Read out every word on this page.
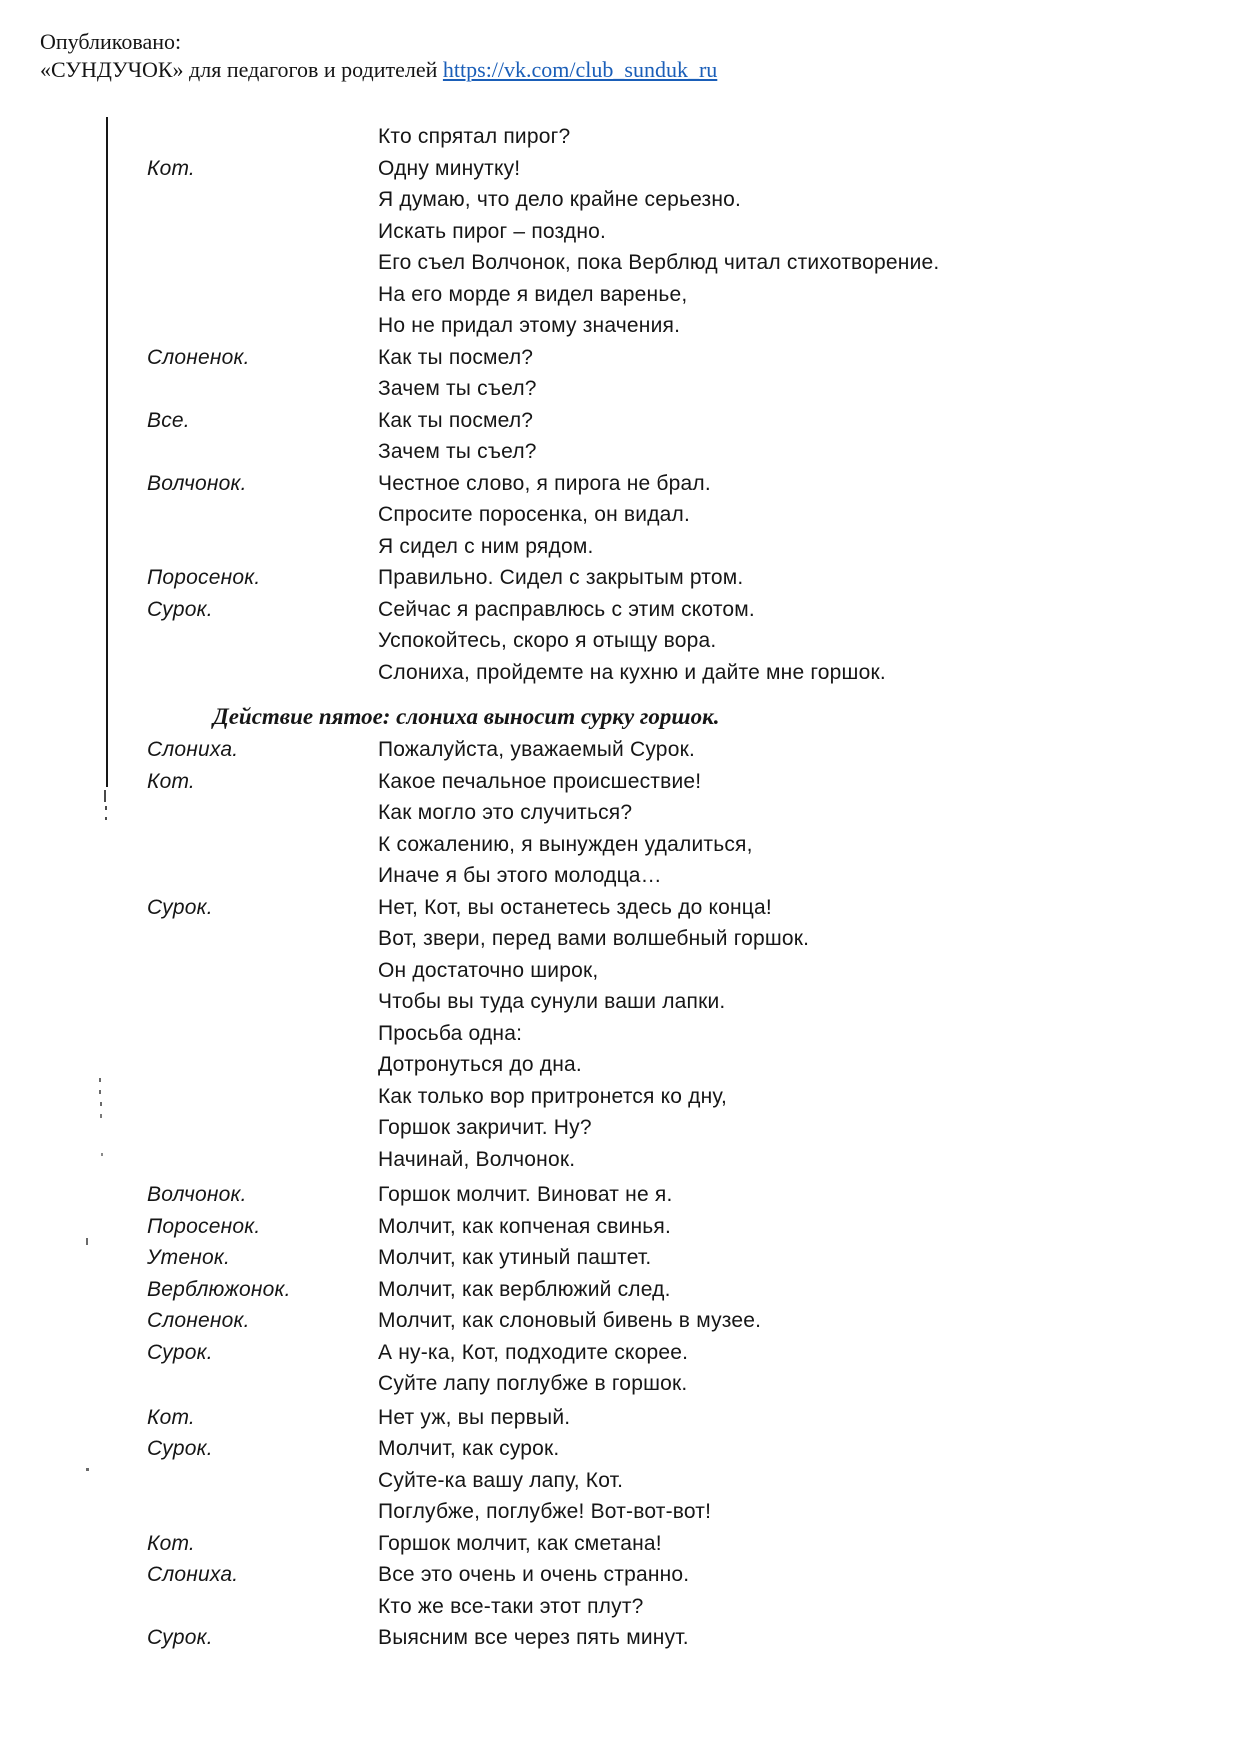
Опубликовано:
«СУНДУЧОК» для педагогов и родителей https://vk.com/club_sunduk_ru
Кто спрятал пирог?
Кот.	Одну минутку!
Я думаю, что дело крайне серьезно.
Искать пирог – поздно.
Его съел Волчонок, пока Верблюд читал стихотворение.
На его морде я видел варенье,
Но не придал этому значения.
Слоненок.	Как ты посмел?
Зачем ты съел?
Все.	Как ты посмел?
Зачем ты съел?
Волчонок.	Честное слово, я пирога не брал.
Спросите поросенка, он видал.
Я сидел с ним рядом.
Поросенок.	Правильно. Сидел с закрытым ртом.
Сурок.	Сейчас я расправлюсь с этим скотом.
Успокойтесь, скоро я отыщу вора.
Слониха, пройдемте на кухню и дайте мне горшок.
Действие пятое: слониха выносит сурку горшок.
Слониха.	Пожалуйста, уважаемый Сурок.
Кот.	Какое печальное происшествие!
Как могло это случиться?
К сожалению, я вынужден удалиться,
Иначе я бы этого молодца…
Сурок.	Нет, Кот, вы останетесь здесь до конца!
Вот, звери, перед вами волшебный горшок.
Он достаточно широк,
Чтобы вы туда сунули ваши лапки.
Просьба одна:
Дотронуться до дна.
Как только вор притронется ко дну,
Горшок закричит. Ну?
Начинай, Волчонок.
Волчонок.	Горшок молчит. Виноват не я.
Поросенок.	Молчит, как копченая свинья.
Утенок.	Молчит, как утиный паштет.
Верблюжонок.	Молчит, как верблюжий след.
Слоненок.	Молчит, как слоновый бивень в музее.
Сурок.	А ну-ка, Кот, подходите скорее.
Суйте лапу поглубже в горшок.
Кот.	Нет уж, вы первый.
Сурок.	Молчит, как сурок.
Суйте-ка вашу лапу, Кот.
Поглубже, поглубже! Вот-вот-вот!
Кот.	Горшок молчит, как сметана!
Слониха.	Все это очень и очень странно.
Кто же все-таки этот плут?
Сурок.	Выясним все через пять минут.
